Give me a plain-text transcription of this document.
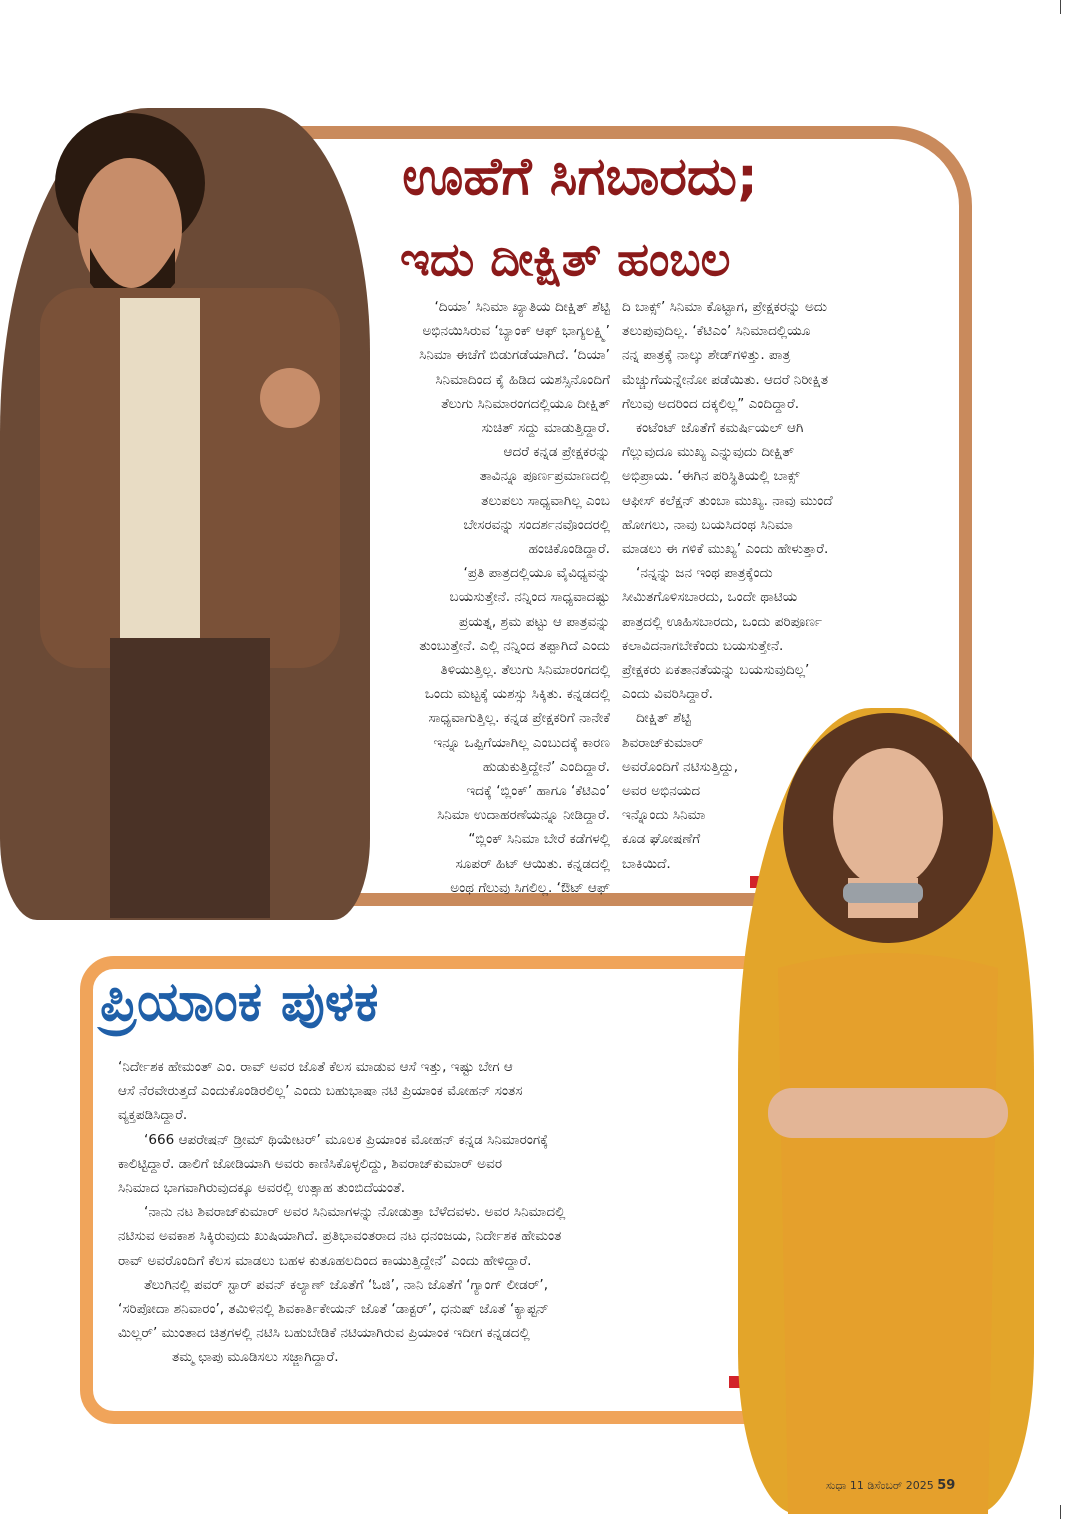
ಊಹೆಗೆ ಸಿಗಬಾರದು;
ಇದು ದೀಕ್ಷಿತ್ ಹಂಬಲ

‘ದಿಯಾ’ ಸಿನಿಮಾ ಖ್ಯಾತಿಯ ದೀಕ್ಷಿತ್ ಶೆಟ್ಟಿ

ಅಭಿನಯಿಸಿರುವ ‘ಬ್ಯಾಂಕ್ ಆಫ್ ಭಾಗ್ಯಲಕ್ಷ್ಮಿ’

ಸಿನಿಮಾ ಈಚೆಗೆ ಬಿಡುಗಡೆಯಾಗಿದೆ. ‘ದಿಯಾ’

ಸಿನಿಮಾದಿಂದ ಕೈ ಹಿಡಿದ ಯಶಸ್ಸಿನೊಂದಿಗೆ

ತೆಲುಗು ಸಿನಿಮಾರಂಗದಲ್ಲಿಯೂ ದೀಕ್ಷಿತ್

ಸುಚಿತ್ ಸದ್ದು ಮಾಡುತ್ತಿದ್ದಾರೆ.

ಆದರೆ ಕನ್ನಡ ಪ್ರೇಕ್ಷಕರನ್ನು

ತಾವಿನ್ನೂ ಪೂರ್ಣಪ್ರಮಾಣದಲ್ಲಿ

ತಲುಪಲು ಸಾಧ್ಯವಾಗಿಲ್ಲ ಎಂಬ

ಬೇಸರವನ್ನು ಸಂದರ್ಶನವೊಂದರಲ್ಲಿ

ಹಂಚಿಕೊಂಡಿದ್ದಾರೆ.

‘ಪ್ರತಿ ಪಾತ್ರದಲ್ಲಿಯೂ ವೈವಿಧ್ಯವನ್ನು

ಬಯಸುತ್ತೇನೆ. ನನ್ನಿಂದ ಸಾಧ್ಯವಾದಷ್ಟು

ಪ್ರಯತ್ನ, ಶ್ರಮ ಪಟ್ಟು ಆ ಪಾತ್ರವನ್ನು

ತುಂಬುತ್ತೇನೆ. ಎಲ್ಲಿ ನನ್ನಿಂದ ತಪ್ಪಾಗಿದೆ ಎಂದು

ತಿಳಿಯುತ್ತಿಲ್ಲ. ತೆಲುಗು ಸಿನಿಮಾರಂಗದಲ್ಲಿ

ಒಂದು ಮಟ್ಟಕ್ಕೆ ಯಶಸ್ಸು ಸಿಕ್ಕಿತು. ಕನ್ನಡದಲ್ಲಿ

ಸಾಧ್ಯವಾಗುತ್ತಿಲ್ಲ. ಕನ್ನಡ ಪ್ರೇಕ್ಷಕರಿಗೆ ನಾನೇಕೆ

ಇನ್ನೂ ಒಪ್ಪಿಗೆಯಾಗಿಲ್ಲ ಎಂಬುದಕ್ಕೆ ಕಾರಣ

ಹುಡುಕುತ್ತಿದ್ದೇನೆ’ ಎಂದಿದ್ದಾರೆ.

ಇದಕ್ಕೆ ‘ಬ್ಲಿಂಕ್’ ಹಾಗೂ ‘ಕೆಟಿಎಂ’

ಸಿನಿಮಾ ಉದಾಹರಣೆಯನ್ನೂ ನೀಡಿದ್ದಾರೆ.

“ಬ್ಲಿಂಕ್ ಸಿನಿಮಾ ಬೇರೆ ಕಡೆಗಳಲ್ಲಿ

ಸೂಪರ್ ಹಿಟ್ ಆಯಿತು. ಕನ್ನಡದಲ್ಲಿ

ಅಂಥ ಗೆಲುವು ಸಿಗಲಿಲ್ಲ. ‘ಔಟ್ ಆಫ್

ದಿ ಬಾಕ್ಸ್’ ಸಿನಿಮಾ ಕೊಟ್ಟಾಗ, ಪ್ರೇಕ್ಷಕರನ್ನು ಅದು

ತಲುಪುವುದಿಲ್ಲ. ‘ಕೆಟಿಎಂ’ ಸಿನಿಮಾದಲ್ಲಿಯೂ

ನನ್ನ ಪಾತ್ರಕ್ಕೆ ನಾಲ್ಕು ಶೇಡ್‌ಗಳಿತ್ತು. ಪಾತ್ರ

ಮೆಚ್ಚುಗೆಯನ್ನೇನೋ ಪಡೆಯಿತು. ಆದರೆ ನಿರೀಕ್ಷಿತ

ಗೆಲುವು ಅದರಿಂದ ದಕ್ಕಲಿಲ್ಲ” ಎಂದಿದ್ದಾರೆ.

ಕಂಟೆಂಟ್ ಜೊತೆಗೆ ಕಮರ್ಷಿಯಲ್ ಆಗಿ

ಗೆಲ್ಲುವುದೂ ಮುಖ್ಯ ಎನ್ನುವುದು ದೀಕ್ಷಿತ್

ಅಭಿಪ್ರಾಯ. ‘ಈಗಿನ ಪರಿಸ್ಥಿತಿಯಲ್ಲಿ ಬಾಕ್ಸ್

ಆಫೀಸ್ ಕಲೆಕ್ಷನ್ ತುಂಬಾ ಮುಖ್ಯ. ನಾವು ಮುಂದೆ

ಹೋಗಲು, ನಾವು ಬಯಸಿದಂಥ ಸಿನಿಮಾ

ಮಾಡಲು ಈ ಗಳಿಕೆ ಮುಖ್ಯ’ ಎಂದು ಹೇಳುತ್ತಾರೆ.

‘ನನ್ನನ್ನು ಜನ ಇಂಥ ಪಾತ್ರಕ್ಕೆಂದು

ಸೀಮಿತಗೊಳಿಸಬಾರದು, ಒಂದೇ ಥಾಟಿಯ

ಪಾತ್ರದಲ್ಲಿ ಊಹಿಸಬಾರದು, ಒಂದು ಪರಿಪೂರ್ಣ

ಕಲಾವಿದನಾಗಬೇಕೆಂದು ಬಯಸುತ್ತೇನೆ.

ಪ್ರೇಕ್ಷಕರು ಏಕತಾನತೆಯನ್ನು ಬಯಸುವುದಿಲ್ಲ’

ಎಂದು ವಿವರಿಸಿದ್ದಾರೆ.

ದೀಕ್ಷಿತ್ ಶೆಟ್ಟಿ

ಶಿವರಾಜ್‌ಕುಮಾರ್

ಅವರೊಂದಿಗೆ ನಟಿಸುತ್ತಿದ್ದು,

ಅವರ ಅಭಿನಯದ

ಇನ್ನೊಂದು ಸಿನಿಮಾ

ಕೂಡ ಘೋಷಣೆಗೆ

ಬಾಕಿಯಿದೆ.

ಪ್ರಿಯಾಂಕ ಪುಳಕ

‘ನಿರ್ದೇಶಕ ಹೇಮಂತ್ ಎಂ. ರಾವ್ ಅವರ ಜೊತೆ ಕೆಲಸ ಮಾಡುವ ಆಸೆ ಇತ್ತು, ಇಷ್ಟು ಬೇಗ ಆ

ಆಸೆ ನೆರವೇರುತ್ತದೆ ಎಂದುಕೊಂಡಿರಲಿಲ್ಲ’ ಎಂದು ಬಹುಭಾಷಾ ನಟಿ ಪ್ರಿಯಾಂಕ ಮೋಹನ್ ಸಂತಸ

ವ್ಯಕ್ತಪಡಿಸಿದ್ದಾರೆ.

‘666 ಆಪರೇಷನ್ ಡ್ರೀಮ್ ಥಿಯೇಟರ್’ ಮೂಲಕ ಪ್ರಿಯಾಂಕ ಮೋಹನ್ ಕನ್ನಡ ಸಿನಿಮಾರಂಗಕ್ಕೆ

ಕಾಲಿಟ್ಟಿದ್ದಾರೆ. ಡಾಲಿಗೆ ಜೋಡಿಯಾಗಿ ಅವರು ಕಾಣಿಸಿಕೊಳ್ಳಲಿದ್ದು, ಶಿವರಾಜ್‌ಕುಮಾರ್ ಅವರ

ಸಿನಿಮಾದ ಭಾಗವಾಗಿರುವುದಕ್ಕೂ ಅವರಲ್ಲಿ ಉತ್ಸಾಹ ತುಂಬಿದೆಯಂತೆ.

‘ನಾನು ನಟ ಶಿವರಾಜ್‌ಕುಮಾರ್ ಅವರ ಸಿನಿಮಾಗಳನ್ನು ನೋಡುತ್ತಾ ಬೆಳೆದವಳು. ಅವರ ಸಿನಿಮಾದಲ್ಲಿ

ನಟಿಸುವ ಅವಕಾಶ ಸಿಕ್ಕಿರುವುದು ಖುಷಿಯಾಗಿದೆ. ಪ್ರತಿಭಾವಂತರಾದ ನಟ ಧನಂಜಯ, ನಿರ್ದೇಶಕ ಹೇಮಂತ

ರಾವ್ ಅವರೊಂದಿಗೆ ಕೆಲಸ ಮಾಡಲು ಬಹಳ ಕುತೂಹಲದಿಂದ ಕಾಯುತ್ತಿದ್ದೇನೆ’ ಎಂದು ಹೇಳಿದ್ದಾರೆ.

ತೆಲುಗಿನಲ್ಲಿ ಪವರ್ ಸ್ಟಾರ್ ಪವನ್ ಕಲ್ಯಾಣ್ ಜೊತೆಗೆ ‘ಓಜಿ’, ನಾನಿ ಜೊತೆಗೆ ‘ಗ್ಯಾಂಗ್ ಲೀಡರ್’,

‘ಸರಿಪೋದಾ ಶನಿವಾರಂ’, ತಮಿಳಿನಲ್ಲಿ ಶಿವಕಾರ್ತಿಕೇಯನ್ ಜೊತೆ ‘ಡಾಕ್ಟರ್’, ಧನುಷ್ ಜೊತೆ ‘ಕ್ಯಾಪ್ಟನ್

ಮಿಲ್ಲರ್’ ಮುಂತಾದ ಚಿತ್ರಗಳಲ್ಲಿ ನಟಿಸಿ ಬಹುಬೇಡಿಕೆ ನಟಿಯಾಗಿರುವ ಪ್ರಿಯಾಂಕ ಇದೀಗ ಕನ್ನಡದಲ್ಲಿ

ತಮ್ಮ ಛಾಪು ಮೂಡಿಸಲು ಸಜ್ಜಾಗಿದ್ದಾರೆ.

ಸುಧಾ 11 ಡಿಸೆಂಬರ್ 2025 59
